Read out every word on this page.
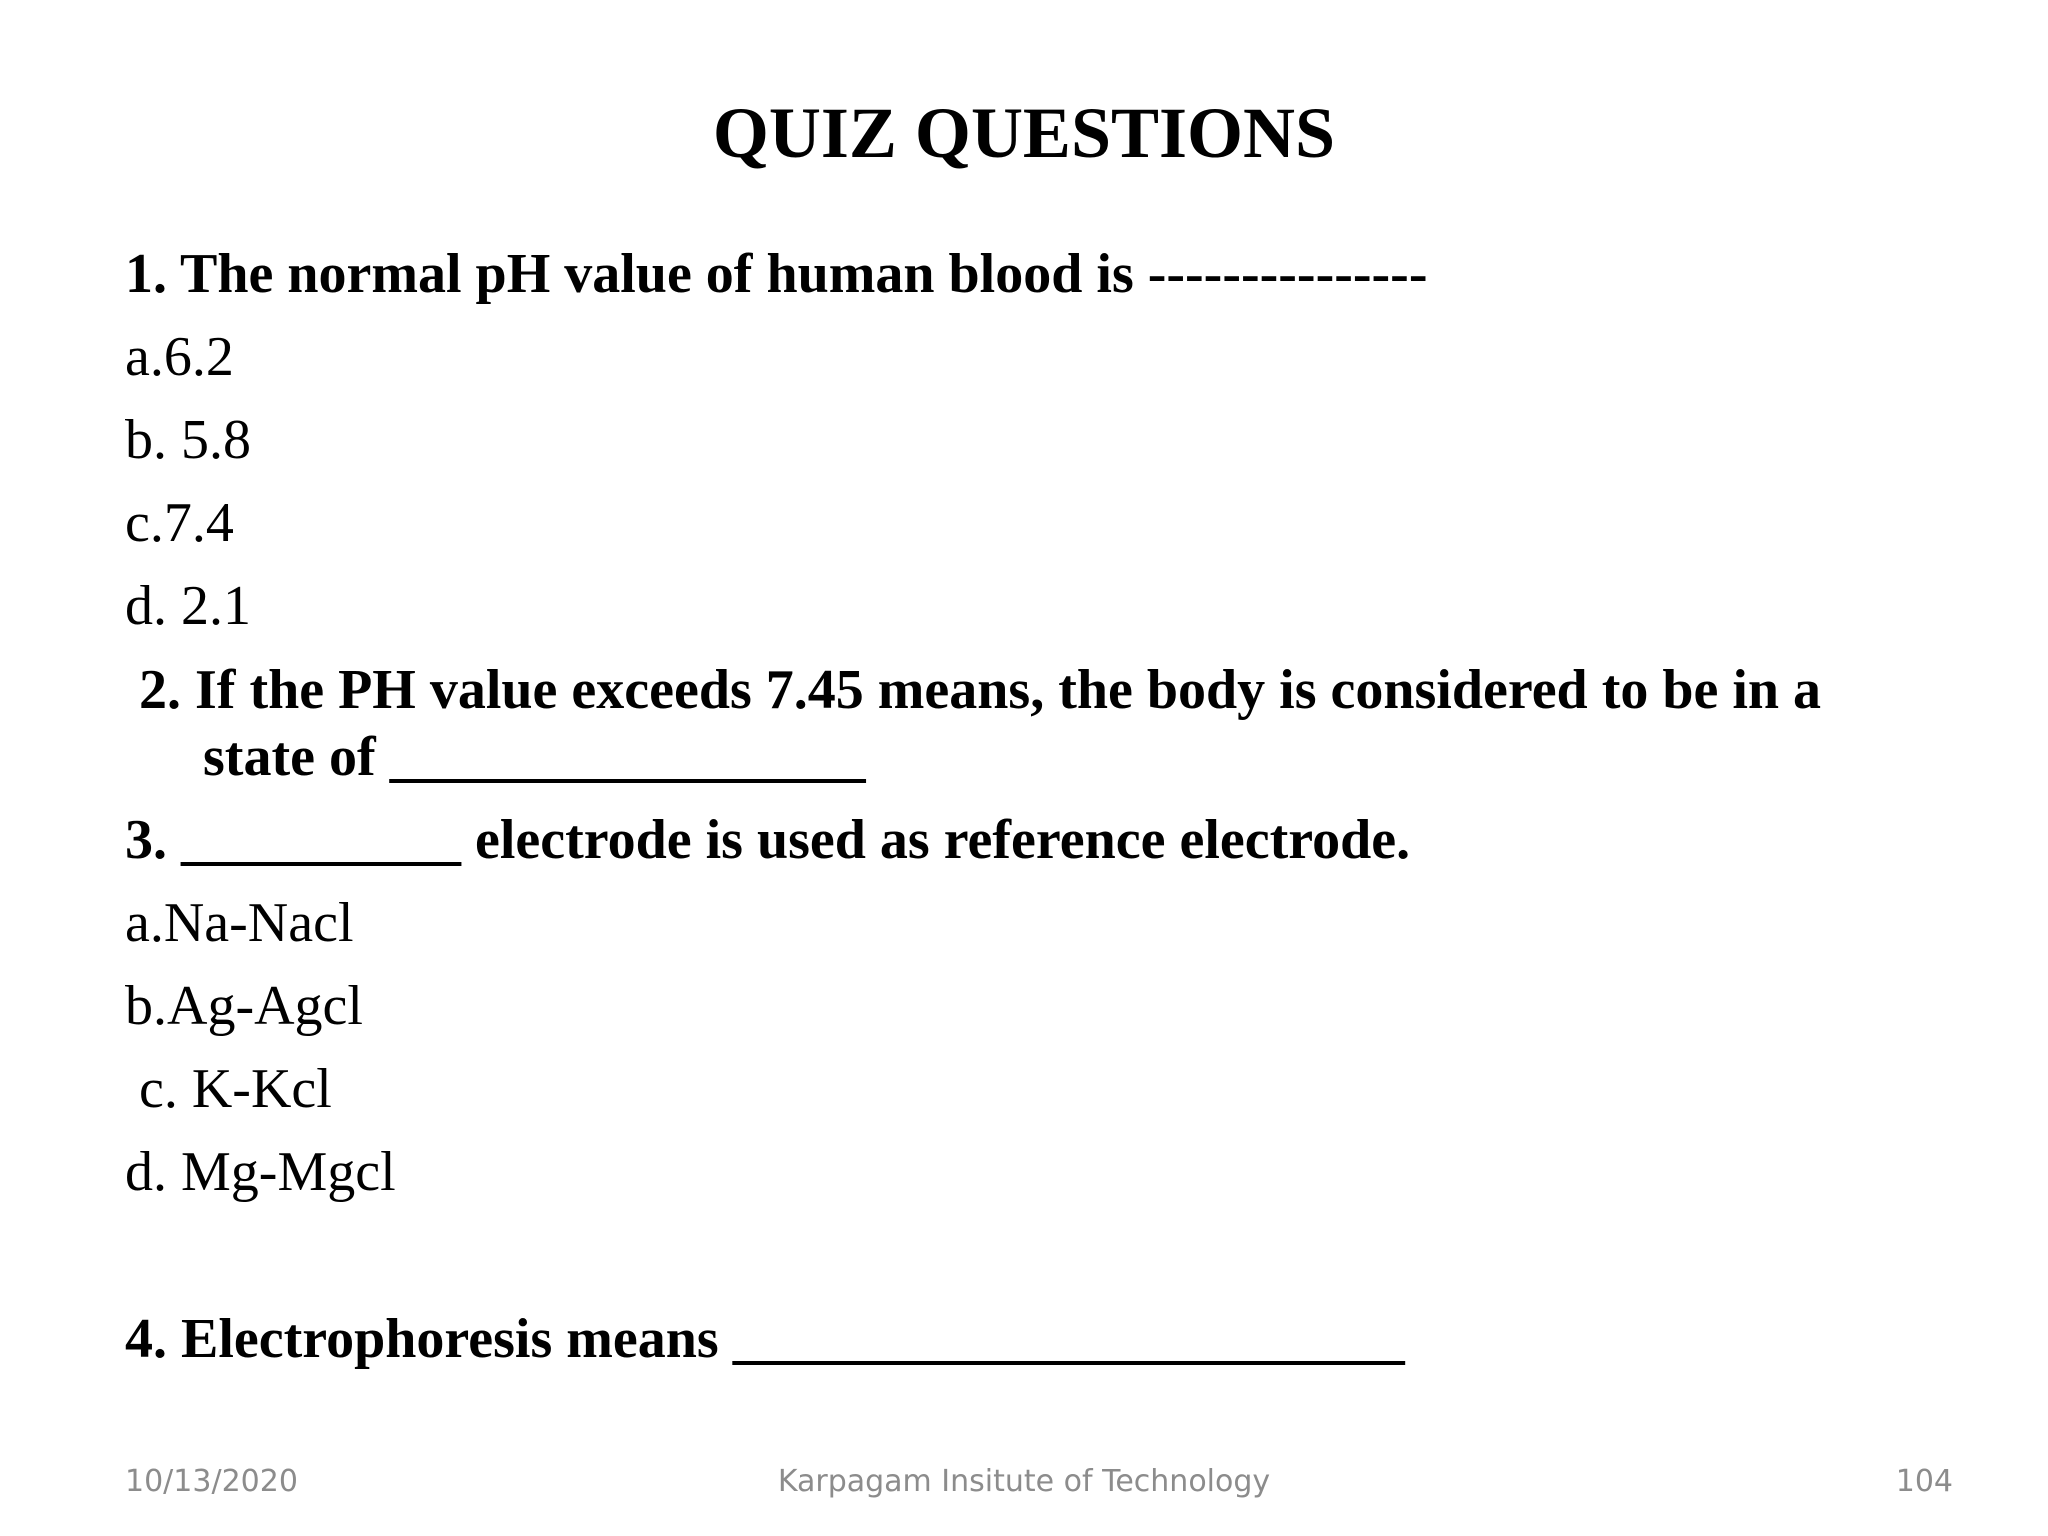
QUIZ QUESTIONS
1. The normal pH value of human blood is ---------------
a.6.2
b. 5.8
c.7.4
d. 2.1
2. If the PH value exceeds 7.45 means, the body is considered to be in a
state of _________________
3. __________ electrode is used as reference electrode.
a.Na-Nacl
b.Ag-Agcl
c. K-Kcl
d. Mg-Mgcl
4. Electrophoresis means ________________________
10/13/2020	Karpagam Insitute of Technology	104
